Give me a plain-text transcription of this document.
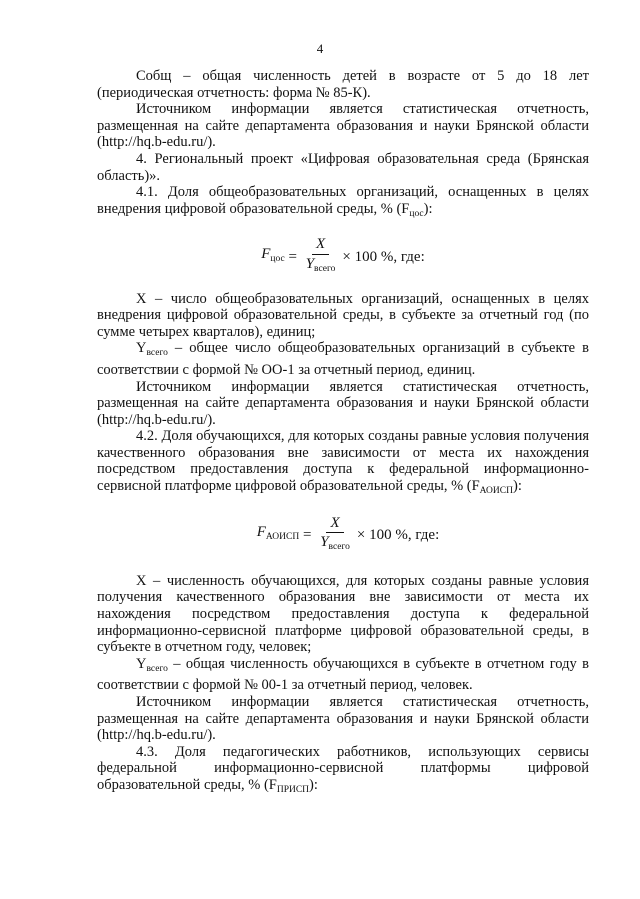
4

Собщ – общая численность детей в возрасте от 5 до 18 лет (периодическая отчетность: форма № 85-К).

Источником информации является статистическая отчетность, размещенная на сайте департамента образования и науки Брянской области (http://hq.b-edu.ru/).

4. Региональный проект «Цифровая образовательная среда (Брянская область)».

4.1. Доля общеобразовательных организаций, оснащенных в целях внедрения цифровой образовательной среды, % $(F_{цос})$:

$F_{цос} = \frac{X}{Y_{всего}} \times 100$ %, где:

Х – число общеобразовательных организаций, оснащенных в целях внедрения цифровой образовательной среды, в субъекте за отчетный год (по сумме четырех кварталов), единиц;

$Y_{всего}$ – общее число общеобразовательных организаций в субъекте в соответствии с формой № ОО-1 за отчетный период, единиц.

Источником информации является статистическая отчетность, размещенная на сайте департамента образования и науки Брянской области (http://hq.b-edu.ru/).

4.2. Доля обучающихся, для которых созданы равные условия получения качественного образования вне зависимости от места их нахождения посредством предоставления доступа к федеральной информационно-сервисной платформе цифровой образовательной среды, % $(F_{АОИСП})$:

$F_{АОИСП} = \frac{X}{Y_{всего}} \times 100$ %, где:

Х – численность обучающихся, для которых созданы равные условия получения качественного образования вне зависимости от места их нахождения посредством предоставления доступа к федеральной информационно-сервисной платформе цифровой образовательной среды, в субъекте в отчетном году, человек;

$Y_{всего}$ – общая численность обучающихся в субъекте в отчетном году в соответствии с формой № 00-1 за отчетный период, человек.

Источником информации является статистическая отчетность, размещенная на сайте департамента образования и науки Брянской области (http://hq.b-edu.ru/).

4.3. Доля педагогических работников, использующих сервисы федеральной информационно-сервисной платформы цифровой образовательной среды, % $(F_{ПРИСП})$:
